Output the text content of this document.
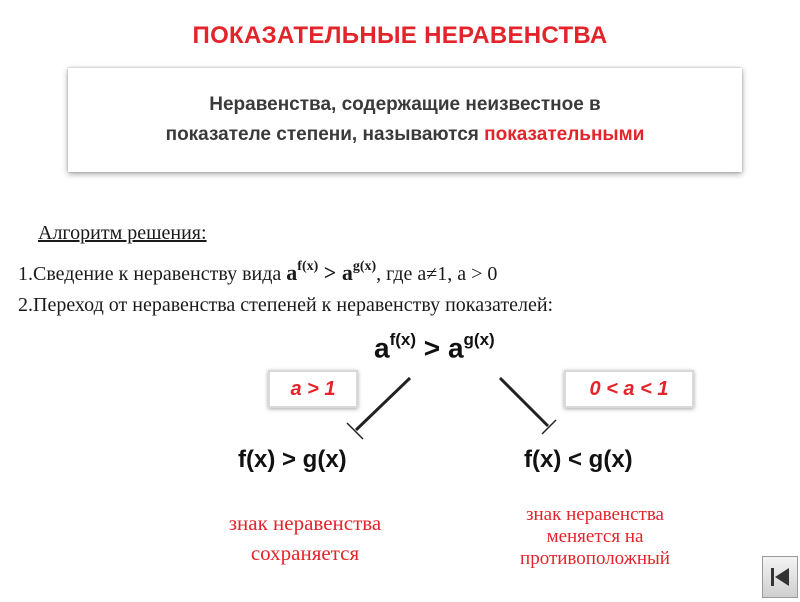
ПОКАЗАТЕЛЬНЫЕ НЕРАВЕНСТВА
Неравенства, содержащие неизвестное в
показателе степени, называются показательными
Алгоритм решения:
1.Сведение к неравенству вида $a^{f(x)} > a^{g(x)}$, где а≠1, а > 0
2.Переход от неравенства степеней к неравенству показателей:
$a^{f(x)} > a^{g(x)}$
a > 1	0 < a < 1
f(x) > g(x)	f(x) < g(x)
знак неравенства
сохраняется
знак неравенства
меняется на
противоположный
